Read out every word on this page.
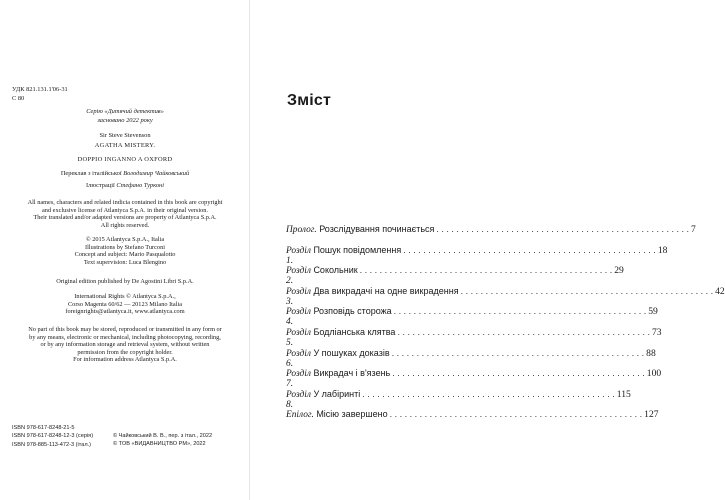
УДК 821.131.1'06-31
С 80
Серію «Дитячий детектив»
засновано 2022 року
Sir Steve Stevenson
AGATHA MISTERY.
DOPPIO INGANNO A OXFORD
Переклав з італійської Володимир Чайковський
Ілюстрації Стефано Турконі
All names, characters and related indicia contained in this book are copyright
and exclusive license of Atlantyca S.p.A. in their original version.
Their translated and/or adapted versions are property of Atlantyca S.p.A.
All rights reserved.
© 2015 Atlantyca S.p.A., Italia
Illustrations by Stefano Turconi
Concept and subject: Mario Pasqualotto
Text supervision: Luca Blengino
Original edition published by De Agostini Libri S.p.A.
International Rights © Atlantyca S.p.A.,
Corso Magenta 60/62 — 20123 Milano Italia
foreignrights@atlantyca.it, www.atlantyca.com
No part of this book may be stored, reproduced or transmitted in any form or
by any means, electronic or mechanical, including photocopying, recording,
or by any information storage and retrieval system, without written
permission from the copyright holder.
For information address Atlantyca S.p.A.
ISBN 978-617-8248-21-5
ISBN 978-617-8248-12-3 (серія)
ISBN 978-885-113-472-3 (італ.)
© Чайковський В. В., пер. з італ., 2022
© ТОВ «ВИДАВНИЦТВО РМ», 2022
Зміст
Пролог.
Розслідування починається . . . . . . . . . . . . . . . . . . . . . . . . . . . . . . . . . . . . . . . . . . . . . . . . . . . 7
Розділ 1.

Пошук повідомлення . . . . . . . . . . . . . . . . . . . . . . . . . . . . . . . . . . . . . . . . . . . . . . . . . . . 18
Розділ 2.

Сокольник . . . . . . . . . . . . . . . . . . . . . . . . . . . . . . . . . . . . . . . . . . . . . . . . . . . 29
Розділ 3.

Два викрадачі на одне викрадення . . . . . . . . . . . . . . . . . . . . . . . . . . . . . . . . . . . . . . . . . . . . . . . . . . . 42
Розділ 4.

Розповідь сторожа . . . . . . . . . . . . . . . . . . . . . . . . . . . . . . . . . . . . . . . . . . . . . . . . . . . 59
Розділ 5.

Бодліанська клятва . . . . . . . . . . . . . . . . . . . . . . . . . . . . . . . . . . . . . . . . . . . . . . . . . . . 73
Розділ 6.

У пошуках доказів . . . . . . . . . . . . . . . . . . . . . . . . . . . . . . . . . . . . . . . . . . . . . . . . . . . 88
Розділ 7.

Викрадач і в'язень . . . . . . . . . . . . . . . . . . . . . . . . . . . . . . . . . . . . . . . . . . . . . . . . . . . 100
Розділ 8.

У лабіринті . . . . . . . . . . . . . . . . . . . . . . . . . . . . . . . . . . . . . . . . . . . . . . . . . . . 115
Епілог.
Місію завершено . . . . . . . . . . . . . . . . . . . . . . . . . . . . . . . . . . . . . . . . . . . . . . . . . . . 127
